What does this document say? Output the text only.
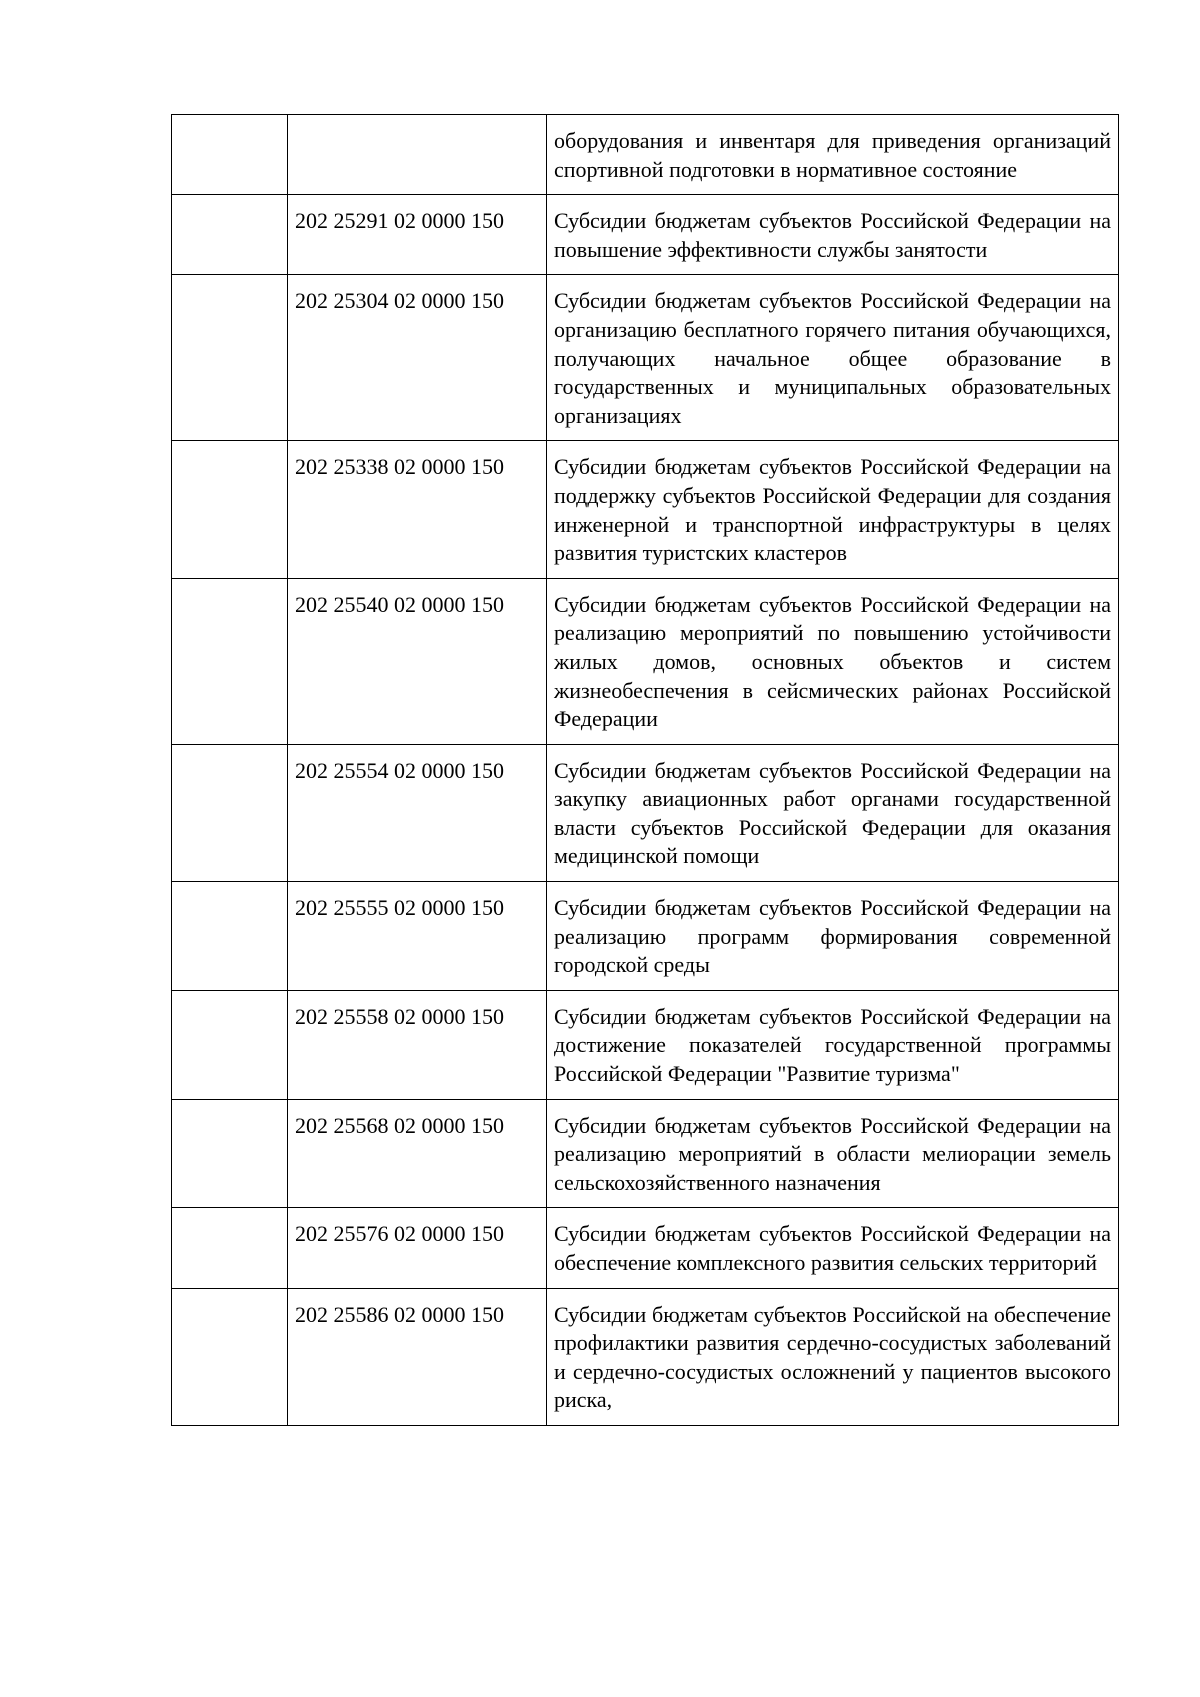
		оборудования и инвентаря для приведения организаций спортивной подготовки в нормативное состояние
	202 25291 02 0000 150	Субсидии бюджетам субъектов Российской Федерации на повышение эффективности службы занятости
	202 25304 02 0000 150	Субсидии бюджетам субъектов Российской Федерации на организацию бесплатного горячего питания обучающихся, получающих начальное общее образование в государственных и муниципальных образовательных организациях
	202 25338 02 0000 150	Субсидии бюджетам субъектов Российской Федерации на поддержку субъектов Российской Федерации для создания инженерной и транспортной инфраструктуры в целях развития туристских кластеров
	202 25540 02 0000 150	Субсидии бюджетам субъектов Российской Федерации на реализацию мероприятий по повышению устойчивости жилых домов, основных объектов и систем жизнеобеспечения в сейсмических районах Российской Федерации
	202 25554 02 0000 150	Субсидии бюджетам субъектов Российской Федерации на закупку авиационных работ органами государственной власти субъектов Российской Федерации для оказания медицинской помощи
	202 25555 02 0000 150	Субсидии бюджетам субъектов Российской Федерации на реализацию программ формирования современной городской среды
	202 25558 02 0000 150	Субсидии бюджетам субъектов Российской Федерации на достижение показателей государственной программы Российской Федерации "Развитие туризма"
	202 25568 02 0000 150	Субсидии бюджетам субъектов Российской Федерации на реализацию мероприятий в области мелиорации земель сельскохозяйственного назначения
	202 25576 02 0000 150	Субсидии бюджетам субъектов Российской Федерации на обеспечение комплексного развития сельских территорий
	202 25586 02 0000 150	Субсидии бюджетам субъектов Российской на обеспечение профилактики развития сердечно-сосудистых заболеваний и сердечно-сосудистых осложнений у пациентов высокого риска,
